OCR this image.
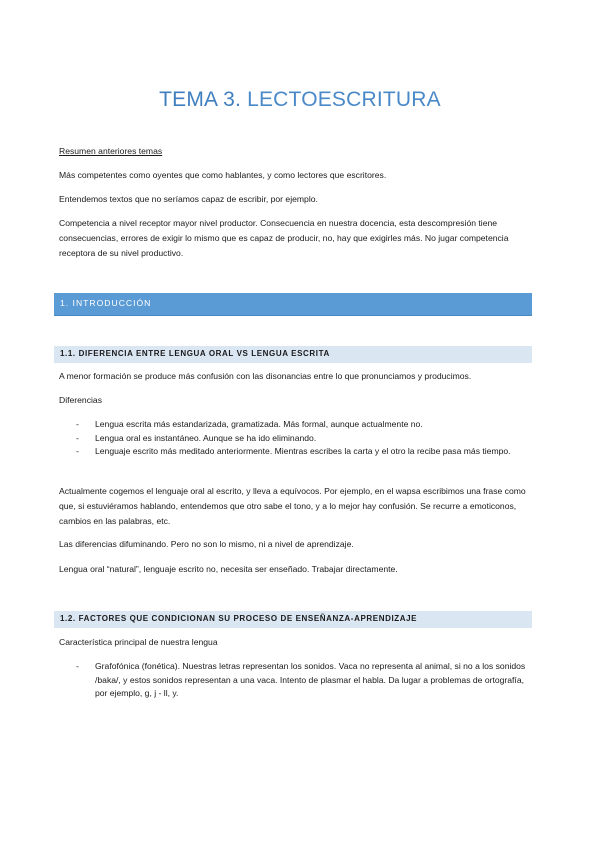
TEMA 3. LECTOESCRITURA

Resumen anteriores temas

Más competentes como oyentes que como hablantes, y como lectores que escritores.

Entendemos textos que no seríamos capaz de escribir, por ejemplo.

Competencia a nivel receptor mayor nivel productor. Consecuencia en nuestra docencia, esta descompresión tiene consecuencias, errores de exigir lo mismo que es capaz de producir, no, hay que exigirles más. No jugar competencia receptora de su nivel productivo.

1. INTRODUCCIÓN
1.1. DIFERENCIA ENTRE LENGUA ORAL VS LENGUA ESCRITA

A menor formación se produce más confusión con las disonancias entre lo que pronunciamos y producimos.

Diferencias

- Lengua escrita más estandarizada, gramatizada. Más formal, aunque actualmente no.
- Lengua oral es instantáneo. Aunque se ha ido eliminando.
- Lenguaje escrito más meditado anteriormente. Mientras escribes la carta y el otro la recibe pasa más tiempo.

Actualmente cogemos el lenguaje oral al escrito, y lleva a equívocos. Por ejemplo, en el wapsa escribimos una frase como que, si estuviéramos hablando, entendemos que otro sabe el tono, y a lo mejor hay confusión. Se recurre a emoticonos, cambios en las palabras, etc.

Las diferencias difuminando. Pero no son lo mismo, ni a nivel de aprendizaje.

Lengua oral “natural”, lenguaje escrito no, necesita ser enseñado. Trabajar directamente.

1.2. FACTORES QUE CONDICIONAN SU PROCESO DE ENSEÑANZA-APRENDIZAJE

Característica principal de nuestra lengua

- Grafofónica (fonética). Nuestras letras representan los sonidos. Vaca no representa al animal, si no a los sonidos /baka/, y estos sonidos representan a una vaca. Intento de plasmar el habla. Da lugar a problemas de ortografía, por ejemplo, g, j - ll, y.
